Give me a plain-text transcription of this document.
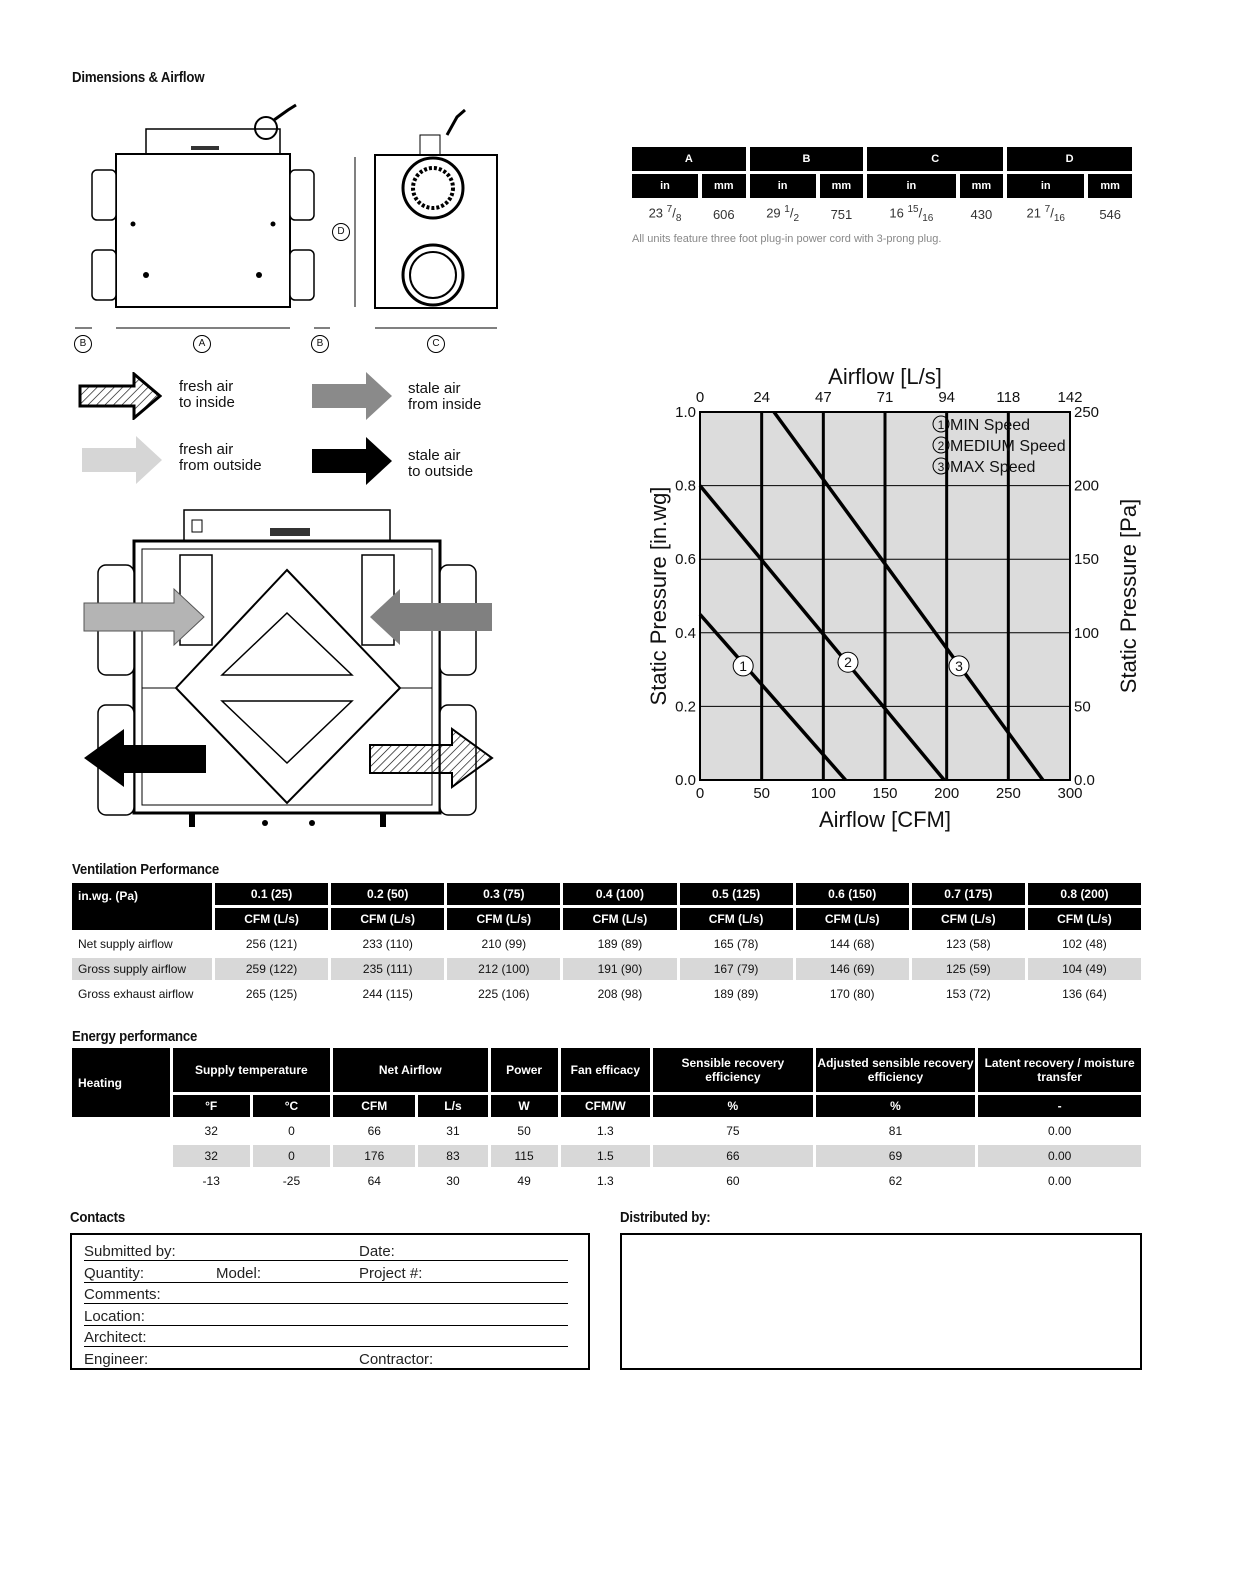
Dimensions & Airflow
B	A	B
D
C
fresh air
to inside
stale air
from inside
fresh air
from outside
stale air
to outside
A		B		C		D	
in	mm	in	mm	in	mm	in	mm
23 $^7/_8$	606	29 $^1/_2$	751	16 $^{15}/_{16}$	430	21 $^7/_{16}$	546
All units feature three foot plug-in power cord with 3-prong plug.
0	50	100 150 200 250 300
0	24	47	71	94	118 142
0.0
0.2
0.4
0.6
0.8
1.0
0.0
50
100
150
200
250
Airflow [CFM]
Airflow [L/s]
Static Pressure [in.wg]	Static Pressure [Pa]
1	2	3
1 MIN Speed
2 MEDIUM Speed
3 MAX Speed
Ventilation Performance
in.wg. (Pa)	0.1 (25)	0.2 (50)	0.3 (75)	0.4 (100)	0.5 (125)	0.6 (150)	0.7 (175)	0.8 (200)
	CFM (L/s)	CFM (L/s)	CFM (L/s)	CFM (L/s)	CFM (L/s)	CFM (L/s)	CFM (L/s)	CFM (L/s)
Net supply airflow	256 (121)	233 (110)	210 (99)	189 (89)	165 (78)	144 (68)	123 (58)	102 (48)
Gross supply airflow	259 (122)	235 (111)	212 (100)	191 (90)	167 (79)	146 (69)	125 (59)	104 (49)
Gross exhaust airflow	265 (125)	244 (115)	225 (106)	208 (98)	189 (89)	170 (80)	153 (72)	136 (64)
Energy performance
Heating	Supply temperature		Net Airflow		Power	Fan efficacy	Sensible recovery efficiency	Adjusted sensible recovery efficiency	Latent recovery / moisture transfer
	°F	°C	CFM	L/s	W	CFM/W	%	%	-
	32	0	66	31	50	1.3	75	81	0.00
	32	0	176	83	115	1.5	66	69	0.00
	-13	-25	64	30	49	1.3	60	62	0.00
Contacts	Distributed by:
Submitted by:	Date:
Quantity:	Model:	Project #:
Comments:
Location:
Architect:
Engineer:	Contractor:
